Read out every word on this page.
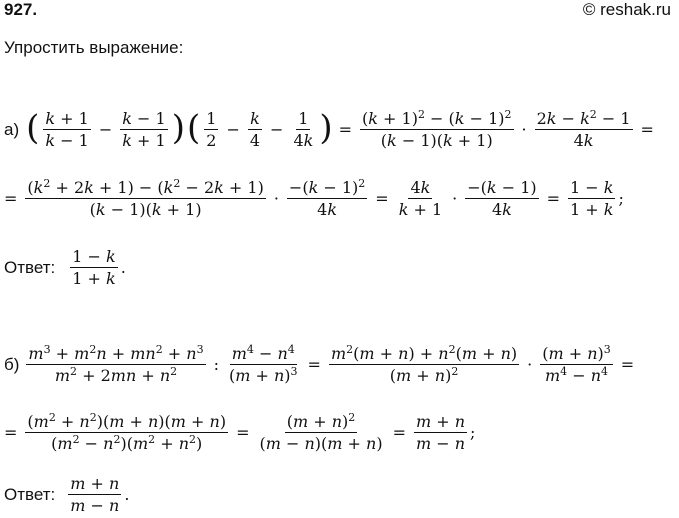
927.	© reshak.ru
Упростить выражение:
а) ( $\frac{k + 1}{k - 1} - \frac{k - 1}{k + 1}$ ) ( $\frac{1}{2} - \frac{k}{4} - \frac{1}{4k}$ ) = $\frac{(k + 1)^2 - (k - 1)^2}{(k - 1)(k + 1)} \cdot \frac{2k - k^2 - 1}{4k}$ =
= $\frac{(k^2 + 2k + 1) - (k^2 - 2k + 1)}{(k - 1)(k + 1)} \cdot \frac{-(k - 1)^2}{4k} = \frac{4k}{k + 1} \cdot \frac{-(k - 1)}{4k} = \frac{1 - k}{1 + k}$ ;
Ответ: $\frac{1 - k}{1 + k}$ .
$б) \frac{m^3 + m^2n + mn^2 + n^3}{m^2 + 2mn + n^2}$ : $\frac{m^4 - n^4}{(m + n)^3} = \frac{m^2(m + n) + n^2(m + n)}{(m + n)^2} \cdot \frac{(m + n)^3}{m^4 - n^4}$ =
= $\frac{(m^2 + n^2)(m + n)(m + n)}{(m^2 - n^2)(m^2 + n^2)} = \frac{(m + n)^2}{(m - n)(m + n)} = \frac{m + n}{m - n}$ ;
Ответ: $\frac{m + n}{m - n}$ .
